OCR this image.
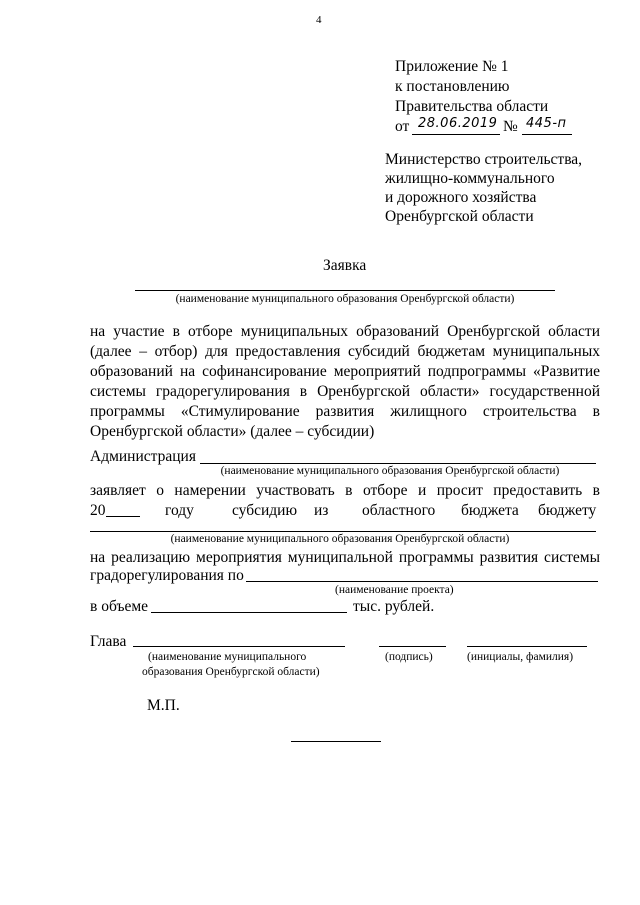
4
Приложение № 1
к постановлению
Правительства области
от 28.06.2019 № 445-п
Министерство строительства,
жилищно-коммунального
и дорожного хозяйства
Оренбургской области
Заявка
(наименование муниципального образования Оренбургской области)
на участие в отборе муниципальных образований Оренбургской области
(далее – отбор) для предоставления субсидий бюджетам муниципальных
образований на софинансирование мероприятий подпрограммы «Развитие
системы градорегулирования в Оренбургской области» государственной
программы «Стимулирование развития жилищного строительства в
Оренбургской области» (далее – субсидии)
Администрация
(наименование муниципального образования Оренбургской области)
заявляет о намерении участвовать в отборе и просит предоставить в
20	году субсидию из областного бюджета бюджету
(наименование муниципального образования Оренбургской области)
на реализацию мероприятия муниципальной программы развития системы
градорегулирования по
(наименование проекта)
в объеме	тыс. рублей.
Глава
(наименование муниципального
образования Оренбургской области)
(подпись)	(инициалы, фамилия)
М.П.
